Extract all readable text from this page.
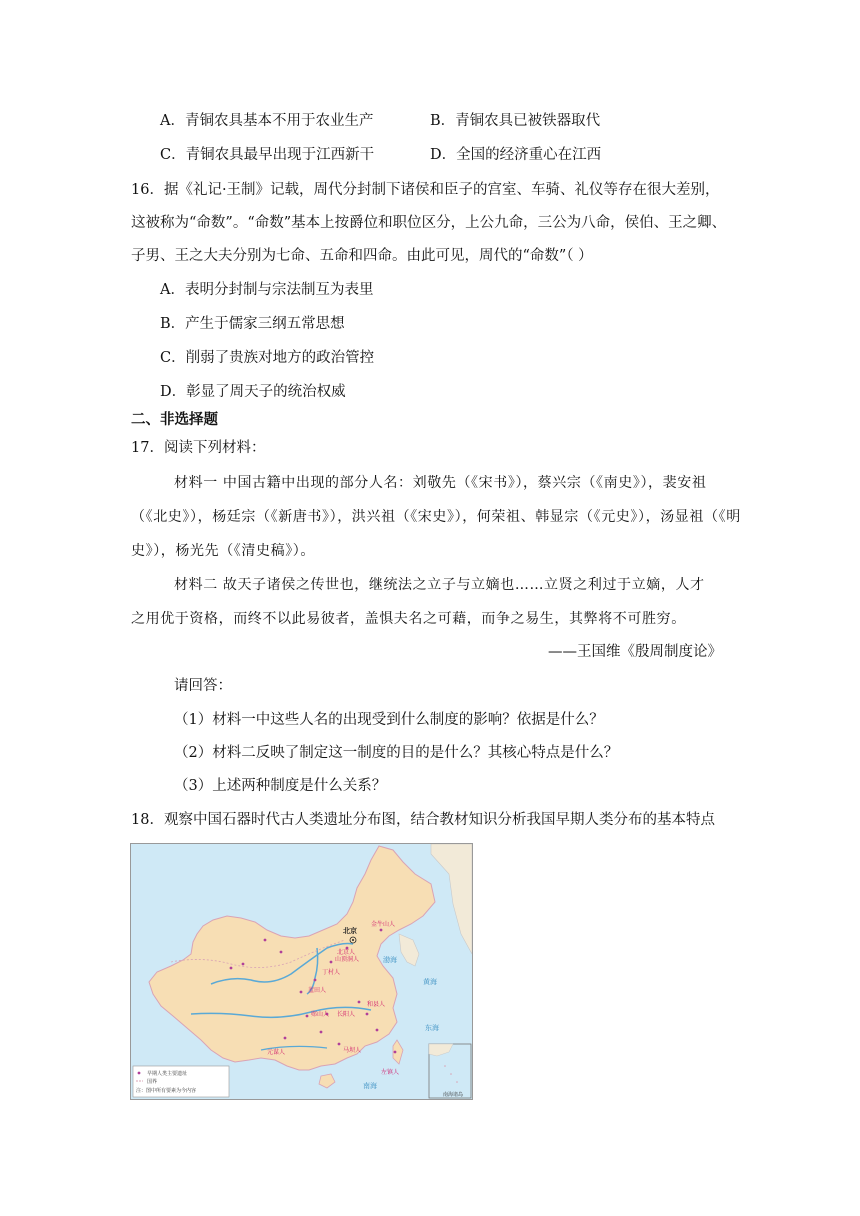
A．青铜农具基本不用于农业生产	B．青铜农具已被铁器取代
C．青铜农具最早出现于江西新干	D．全国的经济重心在江西
16．据《礼记·王制》记载，周代分封制下诸侯和臣子的宫室、车骑、礼仪等存在很大差别，
这被称为“命数”。“命数”基本上按爵位和职位区分，上公九命，三公为八命，侯伯、王之卿、
子男、王之大夫分别为七命、五命和四命。由此可见，周代的“命数”（ ）
A．表明分封制与宗法制互为表里
B．产生于儒家三纲五常思想
C．削弱了贵族对地方的政治管控
D．彰显了周天子的统治权威
二、非选择题
17．阅读下列材料：
材料一 中国古籍中出现的部分人名：刘敬先（《宋书》），蔡兴宗（《南史》），裴安祖
（《北史》），杨廷宗（《新唐书》），洪兴祖（《宋史》），何荣祖、韩显宗（《元史》），汤显祖（《明
史》），杨光先（《清史稿》）。
材料二 故天子诸侯之传世也，继统法之立子与立嫡也……立贤之利过于立嫡，人才
之用优于资格，而终不以此易彼者，盖惧夫名之可藉，而争之易生，其弊将不可胜穷。
——王国维《殷周制度论》
请回答：
（1）材料一中这些人名的出现受到什么制度的影响？依据是什么？
（2）材料二反映了制定这一制度的目的是什么？其核心特点是什么？
（3）上述两种制度是什么关系？
18．观察中国石器时代古人类遗址分布图，结合教材知识分析我国早期人类分布的基本特点
北京
金牛山人
北京人
山顶洞人
丁村人
蓝田人
郧山人 长阳人
和县人
元谋人	马坝人
左镇人
渤海
黄海
东海
南海
早期人类主要遗址
国界
注：图中所有要素为今内容
南海诸岛
